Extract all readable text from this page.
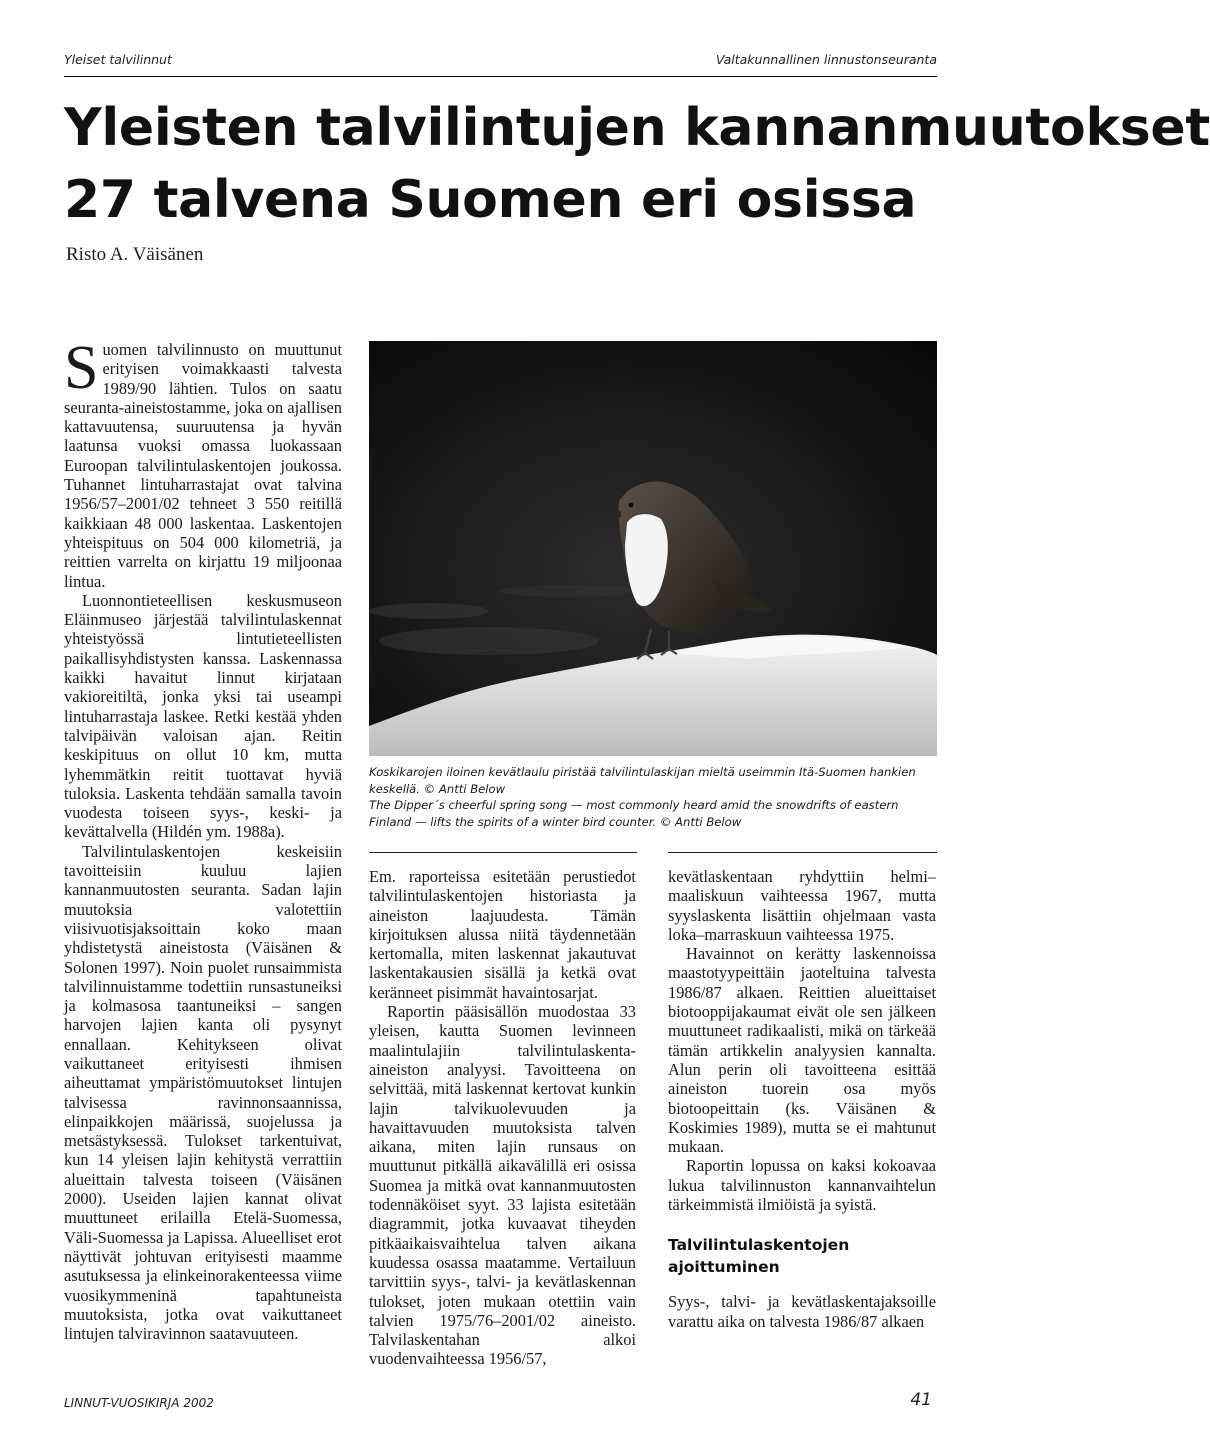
Yleiset talvilinnut	Valtakunnallinen linnustonseuranta
Yleisten talvilintujen kannanmuutokset
27 talvena Suomen eri osissa
Risto A. Väisänen

Suomen talvilinnusto on muuttunut erityisen voimakkaasti talvesta 1989/90 lähtien. Tulos on saatu seuranta-aineistostamme, joka on ajallisen kattavuutensa, suuruutensa ja hyvän laatunsa vuoksi omassa luokassaan Euroopan talvilintulaskentojen joukossa. Tuhannet lintuharrastajat ovat talvina 1956/57–2001/02 tehneet 3 550 reitillä kaikkiaan 48 000 laskentaa. Laskentojen yhteispituus on 504 000 kilometriä, ja reittien varrelta on kirjattu 19 miljoonaa lintua.

Luonnontieteellisen keskusmuseon Eläinmuseo järjestää talvilintulaskennat yhteistyössä lintutieteellisten paikallisyhdistysten kanssa. Laskennassa kaikki havaitut linnut kirjataan vakioreitiltä, jonka yksi tai useampi lintuharrastaja laskee. Retki kestää yhden talvipäivän valoisan ajan. Reitin keskipituus on ollut 10 km, mutta lyhemmätkin reitit tuottavat hyviä tuloksia. Laskenta tehdään samalla tavoin vuodesta toiseen syys-, keski- ja kevättalvella (Hildén ym. 1988a).

Talvilintulaskentojen keskeisiin tavoitteisiin kuuluu lajien kannanmuutosten seuranta. Sadan lajin muutoksia valotettiin viisivuotisjaksoittain koko maan yhdistetystä aineistosta (Väisänen & Solonen 1997). Noin puolet runsaimmista talvilinnuistamme todettiin runsastuneiksi ja kolmasosa taantuneiksi – sangen harvojen lajien kanta oli pysynyt ennallaan. Kehitykseen olivat vaikuttaneet erityisesti ihmisen aiheuttamat ympäristömuutokset lintujen talvisessa ravinnonsaannissa, elinpaikkojen määrissä, suojelussa ja metsästyksessä. Tulokset tarkentuivat, kun 14 yleisen lajin kehitystä verrattiin alueittain talvesta toiseen (Väisänen 2000). Useiden lajien kannat olivat muuttuneet erilailla Etelä-Suomessa, Väli-Suomessa ja Lapissa. Alueelliset erot näyttivät johtuvan erityisesti maamme asutuksessa ja elinkeinorakenteessa viime vuosikymmeninä tapahtuneista muutoksista, jotka ovat vaikuttaneet lintujen talviravinnon saatavuuteen.

Koskikarojen iloinen kevätlaulu piristää talvilintulaskijan mieltä useimmin Itä-Suomen hankien keskellä. © Antti Below
The Dipper´s cheerful spring song — most commonly heard amid the snowdrifts of eastern Finland — lifts the spirits of a winter bird counter. © Antti Below

Em. raporteissa esitetään perustiedot talvilintulaskentojen historiasta ja aineiston laajuudesta. Tämän kirjoituksen alussa niitä täydennetään kertomalla, miten laskennat jakautuvat laskentakausien sisällä ja ketkä ovat keränneet pisimmät havaintosarjat.

Raportin pääsisällön muodostaa 33 yleisen, kautta Suomen levinneen maalintulajiin talvilintulaskenta-aineiston analyysi. Tavoitteena on selvittää, mitä laskennat kertovat kunkin lajin talvikuolevuuden ja havaittavuuden muutoksista talven aikana, miten lajin runsaus on muuttunut pitkällä aikavälillä eri osissa Suomea ja mitkä ovat kannanmuutosten todennäköiset syyt. 33 lajista esitetään diagrammit, jotka kuvaavat tiheyden pitkäaikaisvaihtelua talven aikana kuudessa osassa maatamme. Vertailuun tarvittiin syys-, talvi- ja kevätlaskennan tulokset, joten mukaan otettiin vain talvien 1975/76–2001/02 aineisto. Talvilaskentahan alkoi vuodenvaihteessa 1956/57,

kevätlaskentaan ryhdyttiin helmi–maaliskuun vaihteessa 1967, mutta syyslaskenta lisättiin ohjelmaan vasta loka–marraskuun vaihteessa 1975.

Havainnot on kerätty laskennoissa maastotyypeittäin jaoteltuina talvesta 1986/87 alkaen. Reittien alueittaiset biotooppijakaumat eivät ole sen jälkeen muuttuneet radikaalisti, mikä on tärkeää tämän artikkelin analyysien kannalta. Alun perin oli tavoitteena esittää aineiston tuorein osa myös biotoopeittain (ks. Väisänen & Koskimies 1989), mutta se ei mahtunut mukaan.

Raportin lopussa on kaksi kokoavaa lukua talvilinnuston kannanvaihtelun tärkeimmistä ilmiöistä ja syistä.

Talvilintulaskentojen
ajoittuminen

Syys-, talvi- ja kevätlaskentajaksoille varattu aika on talvesta 1986/87 alkaen

LINNUT-VUOSIKIRJA 2002	41
